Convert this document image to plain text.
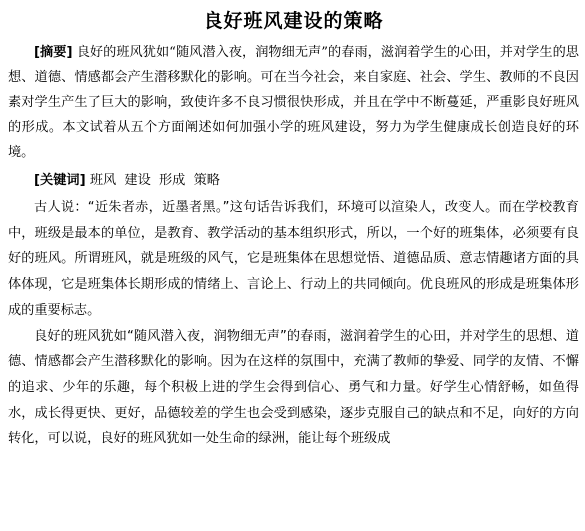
良好班风建设的策略

[摘要] 良好的班风犹如“随风潜入夜，润物细无声”的春雨，滋润着学生的心田，并对学生的思想、道德、情感都会产生潜移默化的影响。可在当今社会，来自家庭、社会、学生、教师的不良因素对学生产生了巨大的影响，致使许多不良习惯很快形成，并且在学中不断蔓延，严重影良好班风的形成。本文试着从五个方面阐述如何加强小学的班风建设，努力为学生健康成长创造良好的环境。

[关键词] 班风 建设 形成 策略

古人说：“近朱者赤，近墨者黑。”这句话告诉我们，环境可以渲染人，改变人。而在学校教育中，班级是最本的单位，是教育、教学活动的基本组织形式，所以，一个好的班集体，必须要有良好的班风。所谓班风，就是班级的风气，它是班集体在思想觉悟、道德品质、意志情趣诸方面的具体体现，它是班集体长期形成的情绪上、言论上、行动上的共同倾向。优良班风的形成是班集体形成的重要标志。

良好的班风犹如“随风潜入夜，润物细无声”的春雨，滋润着学生的心田，并对学生的思想、道德、情感都会产生潜移默化的影响。因为在这样的氛围中，充满了教师的挚爱、同学的友情、不懈的追求、少年的乐趣，每个积极上进的学生会得到信心、勇气和力量。好学生心情舒畅，如鱼得水，成长得更快、更好，品德较差的学生也会受到感染，逐步克服自己的缺点和不足，向好的方向转化，可以说，良好的班风犹如一处生命的绿洲，能让每个班级成
